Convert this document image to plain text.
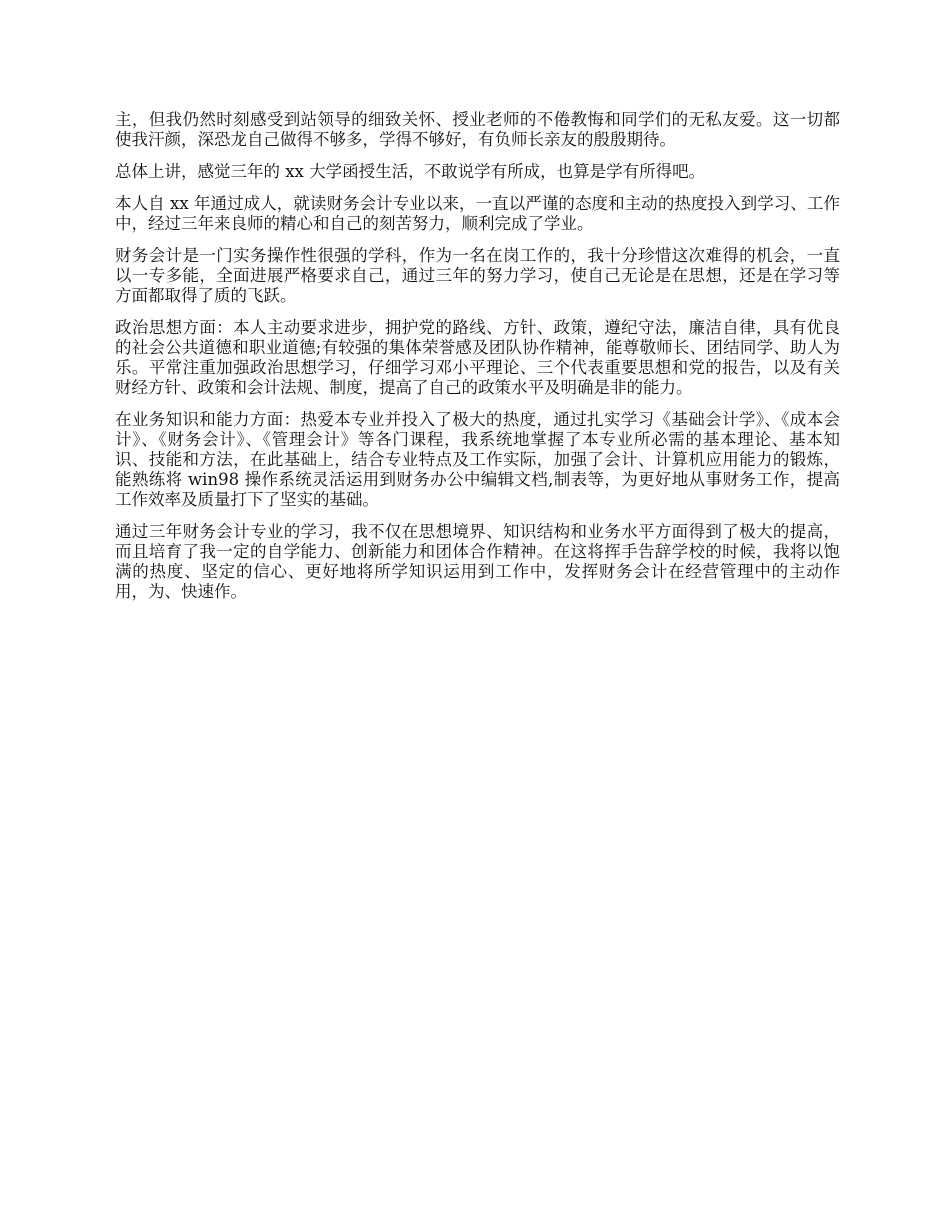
主，但我仍然时刻感受到站领导的细致关怀、授业老师的不倦教悔和同学们的无私友爱。这一切都使我汗颜，深恐龙自己做得不够多，学得不够好，有负师长亲友的殷殷期待。

总体上讲，感觉三年的 xx 大学函授生活，不敢说学有所成，也算是学有所得吧。

本人自 xx 年通过成人，就读财务会计专业以来，一直以严谨的态度和主动的热度投入到学习、工作中，经过三年来良师的精心和自己的刻苦努力，顺利完成了学业。

财务会计是一门实务操作性很强的学科，作为一名在岗工作的，我十分珍惜这次难得的机会，一直以一专多能，全面进展严格要求自己，通过三年的努力学习，使自己无论是在思想，还是在学习等方面都取得了质的飞跃。

政治思想方面：本人主动要求进步，拥护党的路线、方针、政策，遵纪守法，廉洁自律，具有优良的社会公共道德和职业道德;有较强的集体荣誉感及团队协作精神，能尊敬师长、团结同学、助人为乐。平常注重加强政治思想学习，仔细学习邓小平理论、三个代表重要思想和党的报告，以及有关财经方针、政策和会计法规、制度，提高了自己的政策水平及明确是非的能力。

在业务知识和能力方面：热爱本专业并投入了极大的热度，通过扎实学习《基础会计学》、《成本会计》、《财务会计》、《管理会计》等各门课程，我系统地掌握了本专业所必需的基本理论、基本知识、技能和方法，在此基础上，结合专业特点及工作实际，加强了会计、计算机应用能力的锻炼，能熟练将 win98 操作系统灵活运用到财务办公中编辑文档,制表等，为更好地从事财务工作，提高工作效率及质量打下了坚实的基础。

通过三年财务会计专业的学习，我不仅在思想境界、知识结构和业务水平方面得到了极大的提高，而且培育了我一定的自学能力、创新能力和团体合作精神。在这将挥手告辞学校的时候，我将以饱满的热度、坚定的信心、更好地将所学知识运用到工作中，发挥财务会计在经营管理中的主动作用，为、快速作。
